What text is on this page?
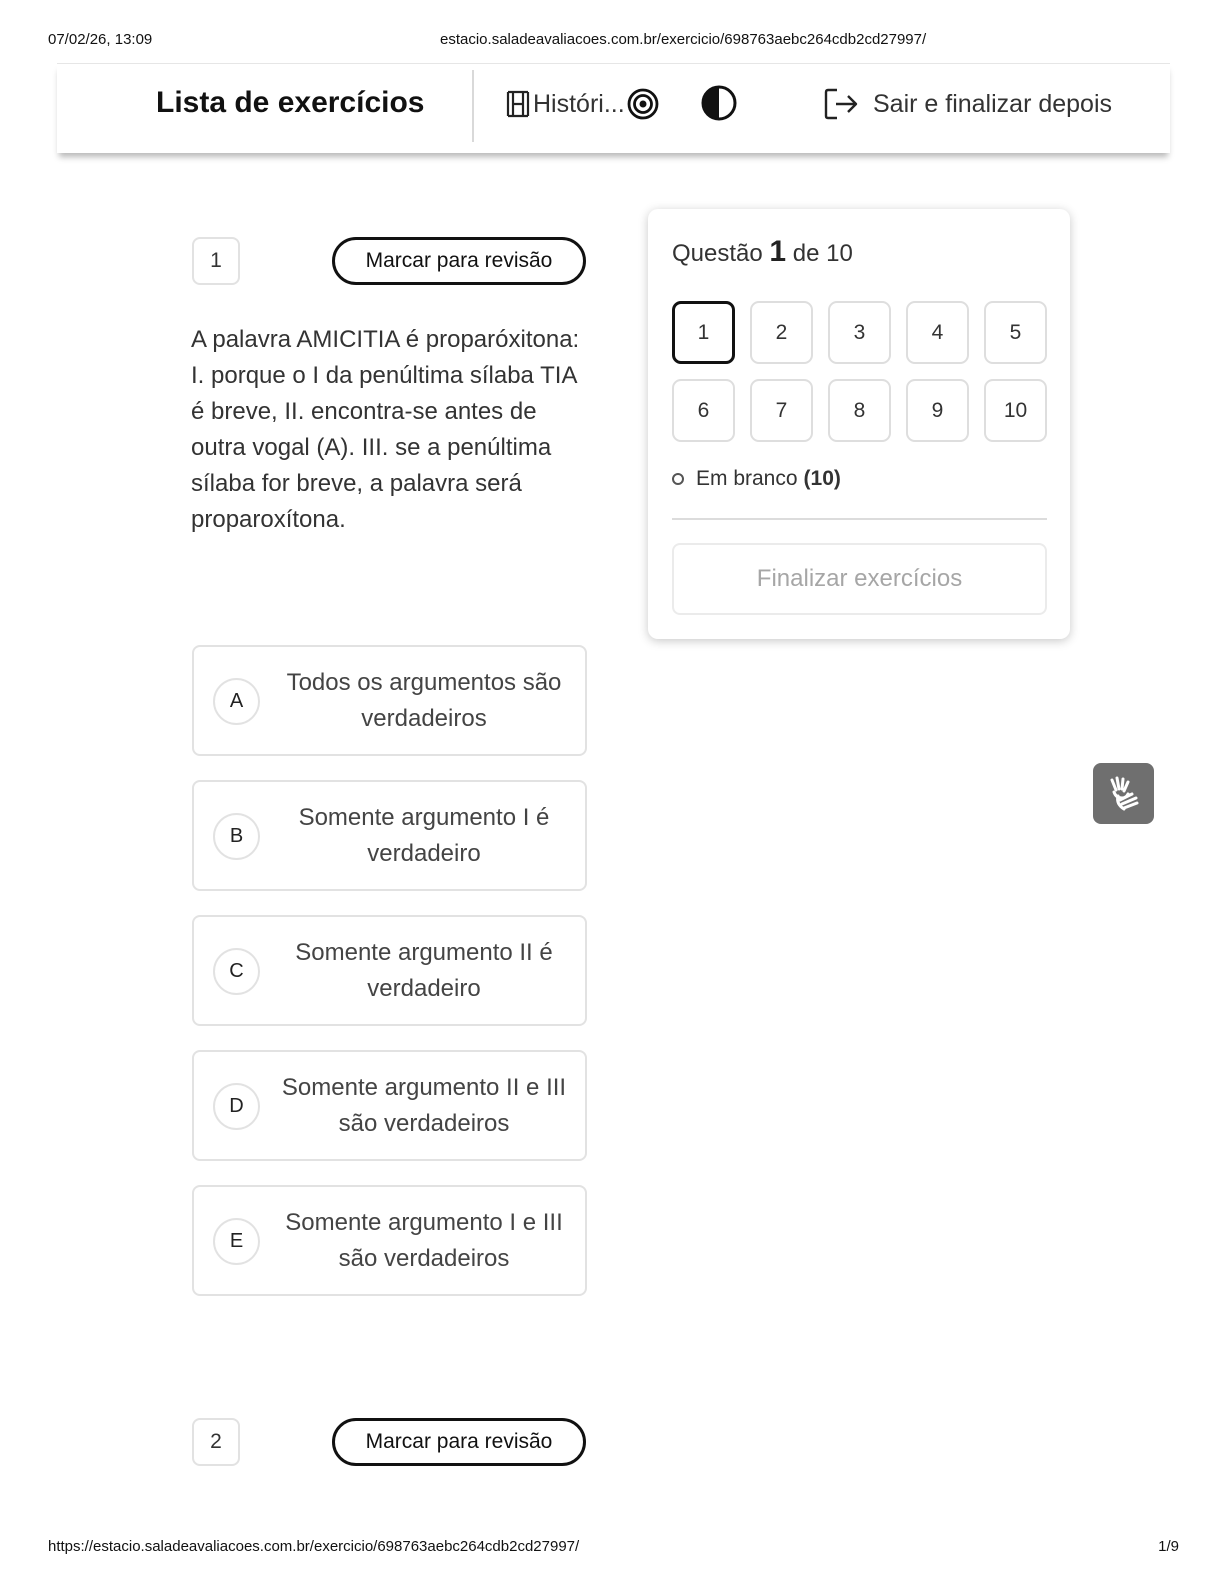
07/02/26, 13:09	estacio.saladeavaliacoes.com.br/exercicio/698763aebc264cdb2cd27997/
Lista de exercícios	Históri...	Sair e finalizar depois
1	Marcar para revisão
A palavra AMICITIA é proparóxitona: I. porque o I da penúltima sílaba TIA é breve, II. encontra-se antes de outra vogal (A). III. se a penúltima sílaba for breve, a palavra será proparoxítona.
A
Todos os argumentos são verdadeiros
B
Somente argumento I é verdadeiro
C
Somente argumento II é verdadeiro
D
Somente argumento II e III são verdadeiros
E
Somente argumento I e III são verdadeiros
2	Marcar para revisão
Questão 1 de 10
1	2	3	4	5
6	7	8	9	10
Em branco (10)
Finalizar exercícios
https://estacio.saladeavaliacoes.com.br/exercicio/698763aebc264cdb2cd27997/	1/9
